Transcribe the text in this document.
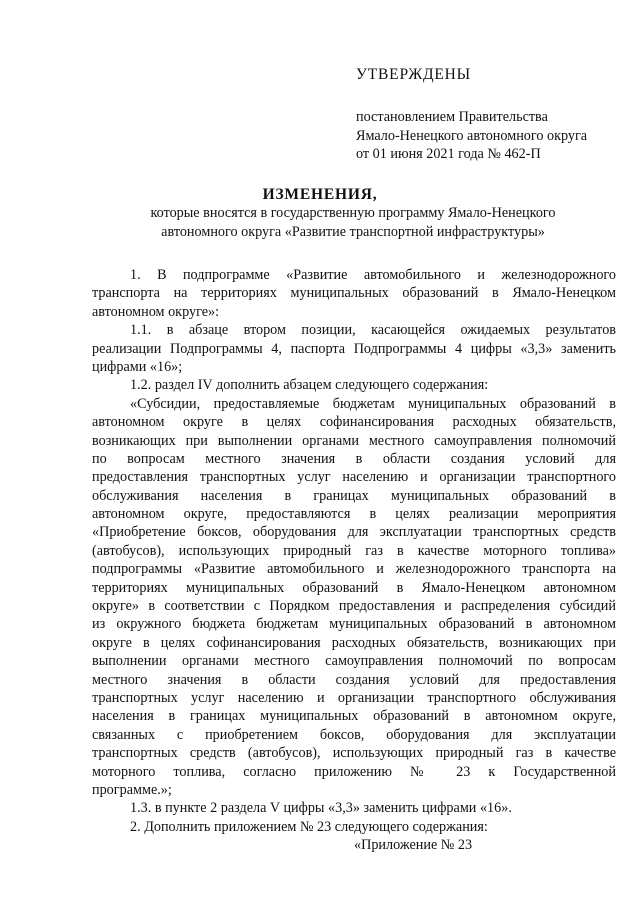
УТВЕРЖДЕНЫ
постановлением Правительства
Ямало-Ненецкого автономного округа
от 01 июня 2021 года № 462-П
ИЗМЕНЕНИЯ,
которые вносятся в государственную программу Ямало-Ненецкого
автономного округа «Развитие транспортной инфраструктуры»
1. В подпрограмме «Развитие автомобильного и железнодорожного
транспорта на территориях муниципальных образований в Ямало-Ненецком
автономном округе»:
1.1. в абзаце втором позиции, касающейся ожидаемых результатов
реализации Подпрограммы 4, паспорта Подпрограммы 4 цифры «3,3» заменить
цифрами «16»;
1.2. раздел IV дополнить абзацем следующего содержания:
«Субсидии, предоставляемые бюджетам муниципальных образований в
автономном округе в целях софинансирования расходных обязательств,
возникающих при выполнении органами местного самоуправления полномочий
по вопросам местного значения в области создания условий для
предоставления транспортных услуг населению и организации транспортного
обслуживания населения в границах муниципальных образований в
автономном округе, предоставляются в целях реализации мероприятия
«Приобретение боксов, оборудования для эксплуатации транспортных средств
(автобусов), использующих природный газ в качестве моторного топлива»
подпрограммы «Развитие автомобильного и железнодорожного транспорта на
территориях муниципальных образований в Ямало-Ненецком автономном
округе» в соответствии с Порядком предоставления и распределения субсидий
из окружного бюджета бюджетам муниципальных образований в автономном
округе в целях софинансирования расходных обязательств, возникающих при
выполнении органами местного самоуправления полномочий по вопросам
местного значения в области создания условий для предоставления
транспортных услуг населению и организации транспортного обслуживания
населения в границах муниципальных образований в автономном округе,
связанных с приобретением боксов, оборудования для эксплуатации
транспортных средств (автобусов), использующих природный газ в качестве
моторного топлива, согласно приложению № 23 к Государственной
программе.»;
1.3. в пункте 2 раздела V цифры «3,3» заменить цифрами «16».
2. Дополнить приложением № 23 следующего содержания:
«Приложение № 23
